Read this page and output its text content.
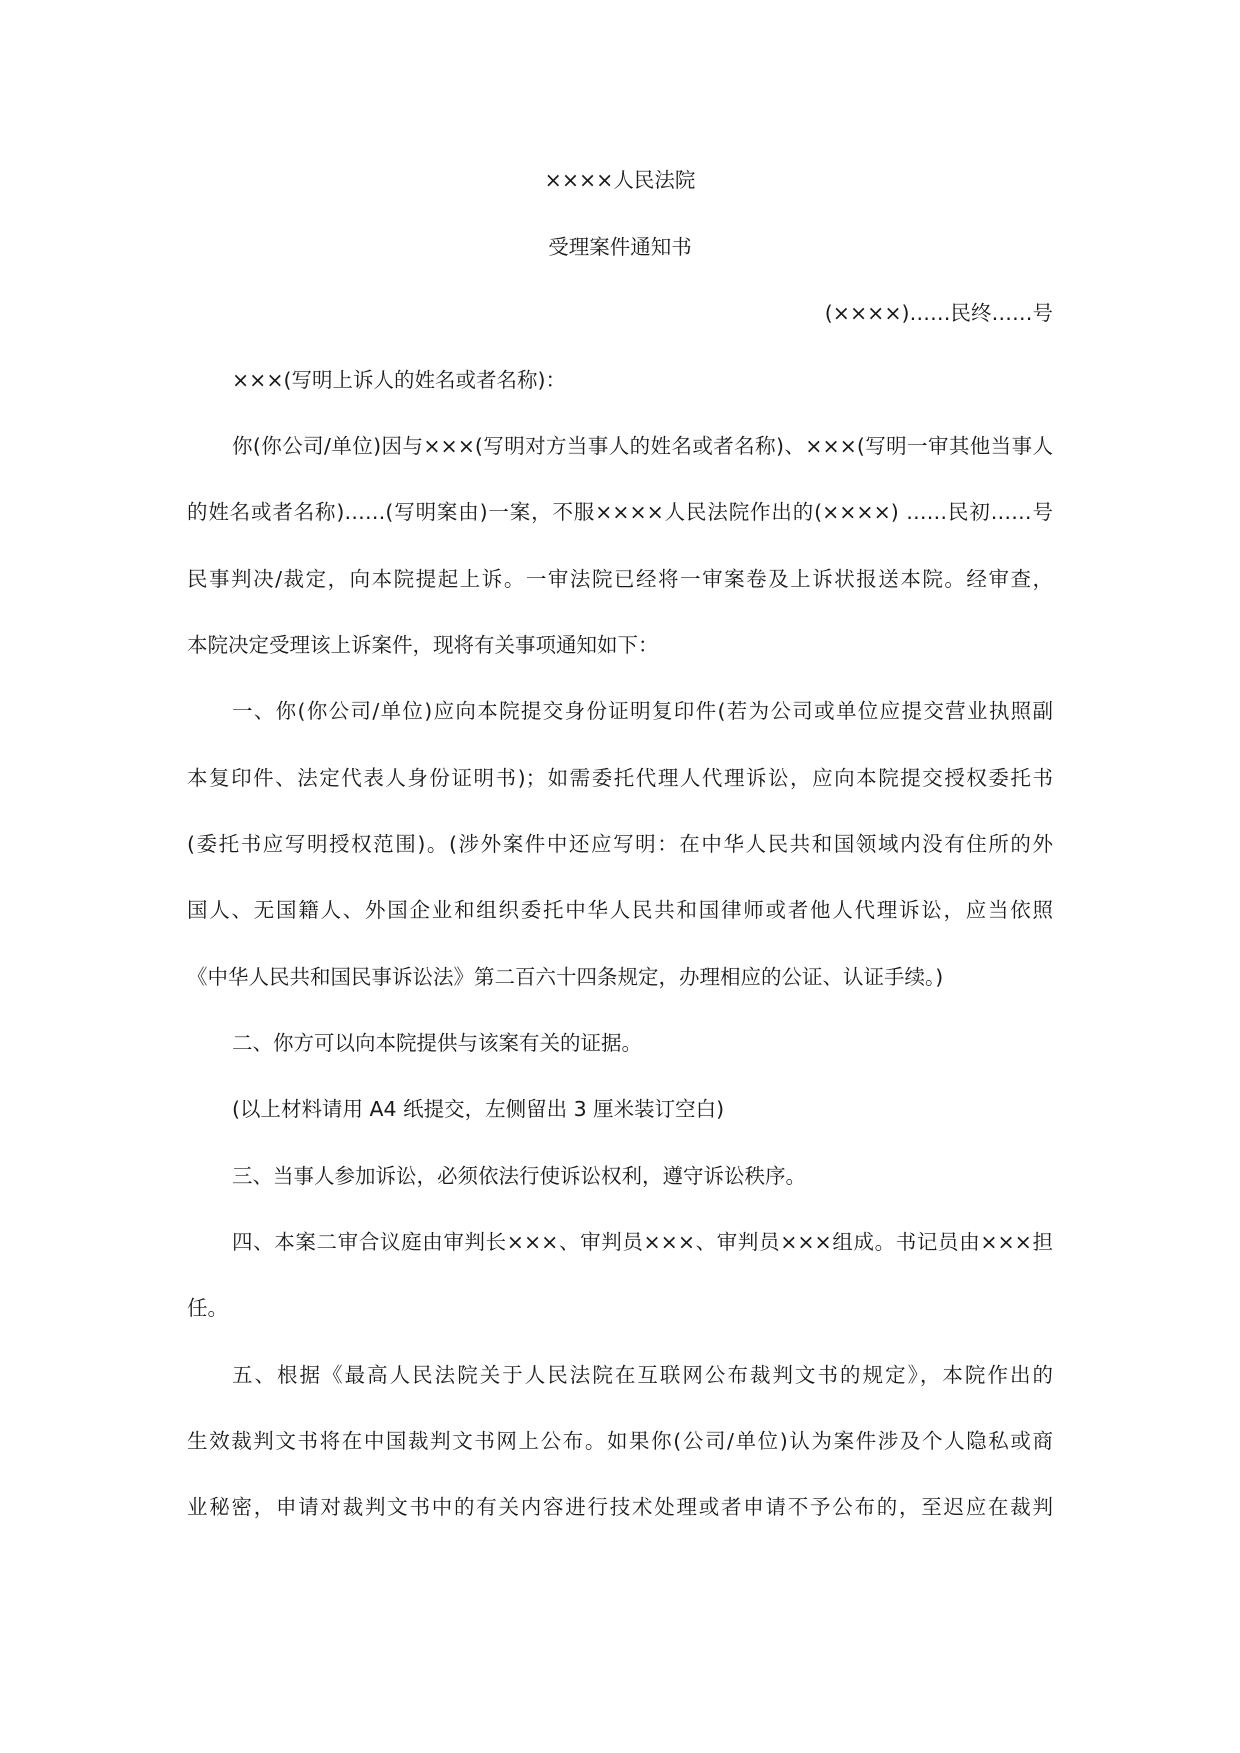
××××人民法院
受理案件通知书
(××××)……民终……号
×××(写明上诉人的姓名或者名称)：
你(你公司/单位)因与×××(写明对方当事人的姓名或者名称)、×××(写明一审其他当事人
的姓名或者名称)……(写明案由)一案，不服××××人民法院作出的(××××) ……民初……号
民事判决/裁定，向本院提起上诉。一审法院已经将一审案卷及上诉状报送本院。经审查，
本院决定受理该上诉案件，现将有关事项通知如下：
一、你(你公司/单位)应向本院提交身份证明复印件(若为公司或单位应提交营业执照副
本复印件、法定代表人身份证明书)；如需委托代理人代理诉讼，应向本院提交授权委托书
(委托书应写明授权范围)。(涉外案件中还应写明：在中华人民共和国领域内没有住所的外
国人、无国籍人、外国企业和组织委托中华人民共和国律师或者他人代理诉讼，应当依照
《中华人民共和国民事诉讼法》第二百六十四条规定，办理相应的公证、认证手续。)
二、你方可以向本院提供与该案有关的证据。
(以上材料请用 A4 纸提交，左侧留出 3 厘米装订空白)
三、当事人参加诉讼，必须依法行使诉讼权利，遵守诉讼秩序。
四、本案二审合议庭由审判长×××、审判员×××、审判员×××组成。书记员由×××担
任。
五、根据《最高人民法院关于人民法院在互联网公布裁判文书的规定》，本院作出的
生效裁判文书将在中国裁判文书网上公布。如果你(公司/单位)认为案件涉及个人隐私或商
业秘密，申请对裁判文书中的有关内容进行技术处理或者申请不予公布的，至迟应在裁判
